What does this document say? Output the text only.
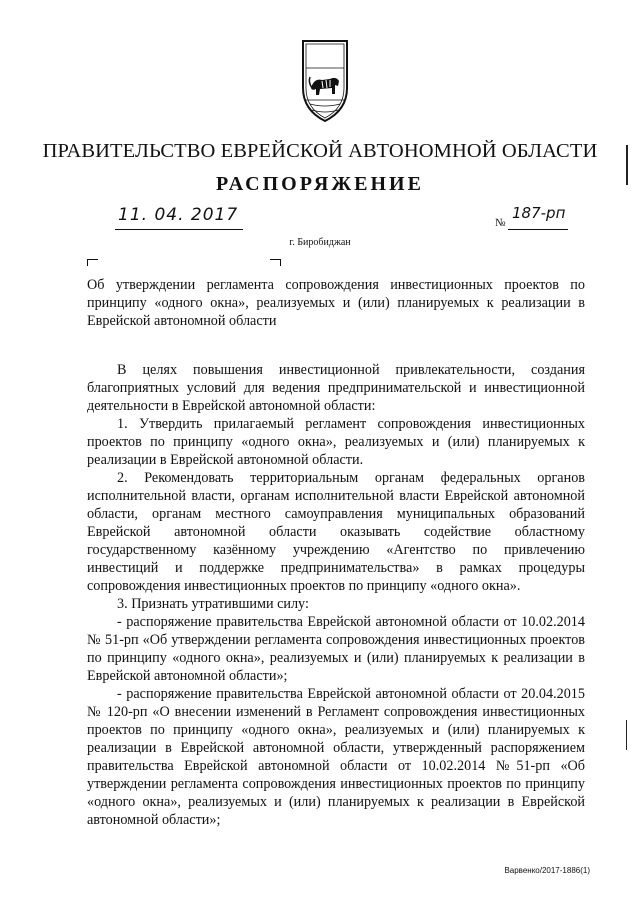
ПРАВИТЕЛЬСТВО ЕВРЕЙСКОЙ АВТОНОМНОЙ ОБЛАСТИ
РАСПОРЯЖЕНИЕ
11. 04. 2017	№
187-рп
г. Биробиджан
Об утверждении регламента сопровождения инвестиционных проектов по принципу «одного окна», реализуемых и (или) планируемых к реализации в Еврейской автономной области

В целях повышения инвестиционной привлекательности, создания благоприятных условий для ведения предпринимательской и инвестиционной деятельности в Еврейской автономной области:

1. Утвердить прилагаемый регламент сопровождения инвестиционных проектов по принципу «одного окна», реализуемых и (или) планируемых к реализации в Еврейской автономной области.

2. Рекомендовать территориальным органам федеральных органов исполнительной власти, органам исполнительной власти Еврейской автономной области, органам местного самоуправления муниципальных образований Еврейской автономной области оказывать содействие областному государственному казённому учреждению «Агентство по привлечению инвестиций и поддержке предпринимательства» в рамках процедуры сопровождения инвестиционных проектов по принципу «одного окна».

3. Признать утратившими силу:

- распоряжение правительства Еврейской автономной области от 10.02.2014 № 51-рп «Об утверждении регламента сопровождения инвестиционных проектов по принципу «одного окна», реализуемых и (или) планируемых к реализации в Еврейской автономной области»;

- распоряжение правительства Еврейской автономной области от 20.04.2015 № 120-рп «О внесении изменений в Регламент сопровождения инвестиционных проектов по принципу «одного окна», реализуемых и (или) планируемых к реализации в Еврейской автономной области, утвержденный распоряжением правительства Еврейской автономной области от 10.02.2014 №51-рп «Об утверждении регламента сопровождения инвестиционных проектов по принципу «одного окна», реализуемых и (или) планируемых к реализации в Еврейской автономной области»;

Варвенко/2017-1886(1)
